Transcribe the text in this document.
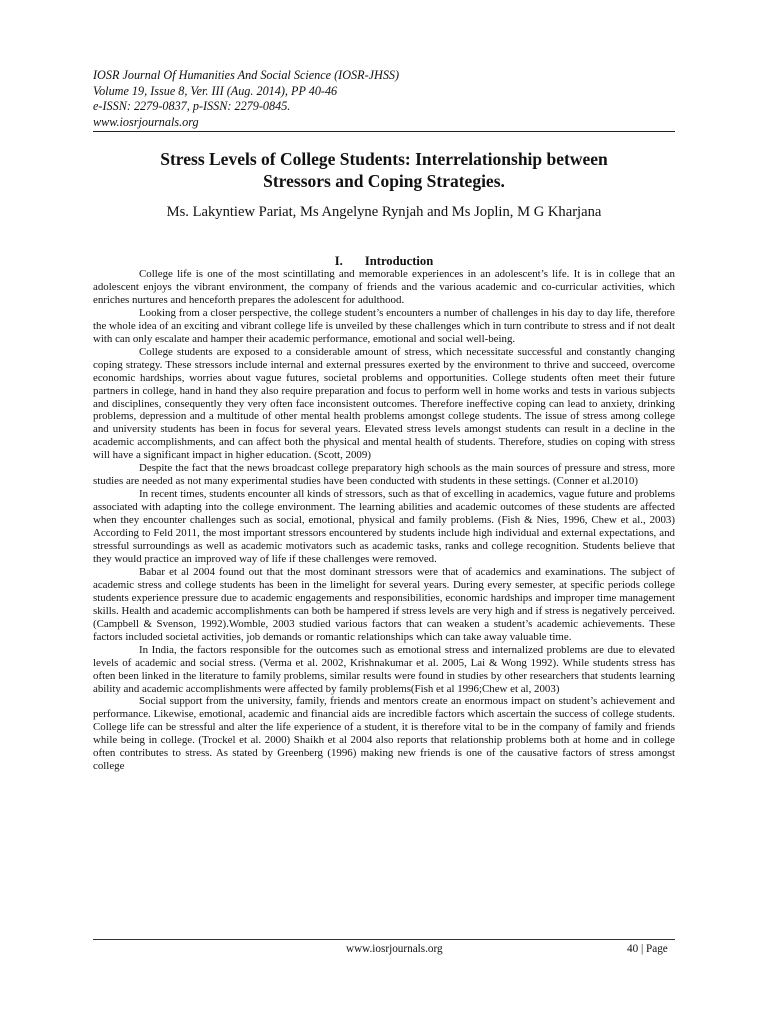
IOSR Journal Of Humanities And Social Science (IOSR-JHSS)
Volume 19, Issue 8, Ver. III (Aug. 2014), PP 40-46
e-ISSN: 2279-0837, p-ISSN: 2279-0845.
www.iosrjournals.org
Stress Levels of College Students: Interrelationship between
Stressors and Coping Strategies.
Ms. Lakyntiew Pariat, Ms Angelyne Rynjah and Ms Joplin, M G Kharjana
I. Introduction

College life is one of the most scintillating and memorable experiences in an adolescent’s life. It is in college that an adolescent enjoys the vibrant environment, the company of friends and the various academic and co-curricular activities, which enriches nurtures and henceforth prepares the adolescent for adulthood.

Looking from a closer perspective, the college student’s encounters a number of challenges in his day to day life, therefore the whole idea of an exciting and vibrant college life is unveiled by these challenges which in turn contribute to stress and if not dealt with can only escalate and hamper their academic performance, emotional and social well-being.

College students are exposed to a considerable amount of stress, which necessitate successful and constantly changing coping strategy. These stressors include internal and external pressures exerted by the environment to thrive and succeed, overcome economic hardships, worries about vague futures, societal problems and opportunities. College students often meet their future partners in college, hand in hand they also require preparation and focus to perform well in home works and tests in various subjects and disciplines, consequently they very often face inconsistent outcomes. Therefore ineffective coping can lead to anxiety, drinking problems, depression and a multitude of other mental health problems amongst college students. The issue of stress among college and university students has been in focus for several years. Elevated stress levels amongst students can result in a decline in the academic accomplishments, and can affect both the physical and mental health of students. Therefore, studies on coping with stress will have a significant impact in higher education. (Scott, 2009)

Despite the fact that the news broadcast college preparatory high schools as the main sources of pressure and stress, more studies are needed as not many experimental studies have been conducted with students in these settings. (Conner et al.2010)

In recent times, students encounter all kinds of stressors, such as that of excelling in academics, vague future and problems associated with adapting into the college environment. The learning abilities and academic outcomes of these students are affected when they encounter challenges such as social, emotional, physical and family problems. (Fish & Nies, 1996, Chew et al., 2003) According to Feld 2011, the most important stressors encountered by students include high individual and external expectations, and stressful surroundings as well as academic motivators such as academic tasks, ranks and college recognition. Students believe that they would practice an improved way of life if these challenges were removed.

Babar et al 2004 found out that the most dominant stressors were that of academics and examinations. The subject of academic stress and college students has been in the limelight for several years. During every semester, at specific periods college students experience pressure due to academic engagements and responsibilities, economic hardships and improper time management skills. Health and academic accomplishments can both be hampered if stress levels are very high and if stress is negatively perceived. (Campbell & Svenson, 1992).Womble, 2003 studied various factors that can weaken a student’s academic achievements. These factors included societal activities, job demands or romantic relationships which can take away valuable time.

In India, the factors responsible for the outcomes such as emotional stress and internalized problems are due to elevated levels of academic and social stress. (Verma et al. 2002, Krishnakumar et al. 2005, Lai & Wong 1992). While students stress has often been linked in the literature to family problems, similar results were found in studies by other researchers that students learning ability and academic accomplishments were affected by family problems(Fish et al 1996;Chew et al, 2003)

Social support from the university, family, friends and mentors create an enormous impact on student’s achievement and performance. Likewise, emotional, academic and financial aids are incredible factors which ascertain the success of college students. College life can be stressful and alter the life experience of a student, it is therefore vital to be in the company of family and friends while being in college. (Trockel et al. 2000) Shaikh et al 2004 also reports that relationship problems both at home and in college often contributes to stress. As stated by Greenberg (1996) making new friends is one of the causative factors of stress amongst college

www.iosrjournals.org	40 | Page
